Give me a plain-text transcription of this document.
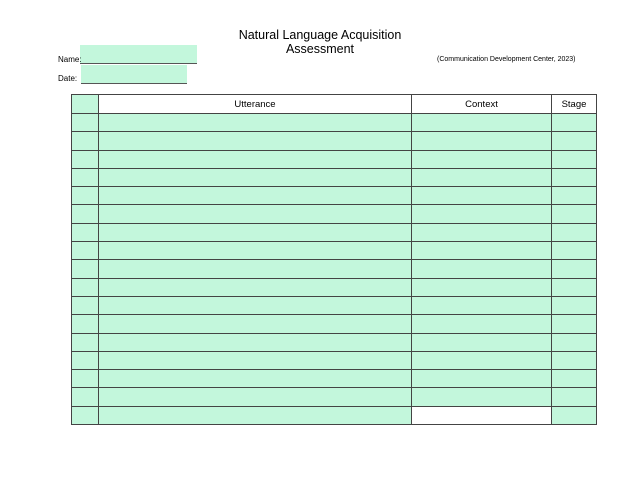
Natural Language Acquisition
Assessment
Name:
Date:
(Communication Development Center, 2023)
	Utterance	Context	Stage
